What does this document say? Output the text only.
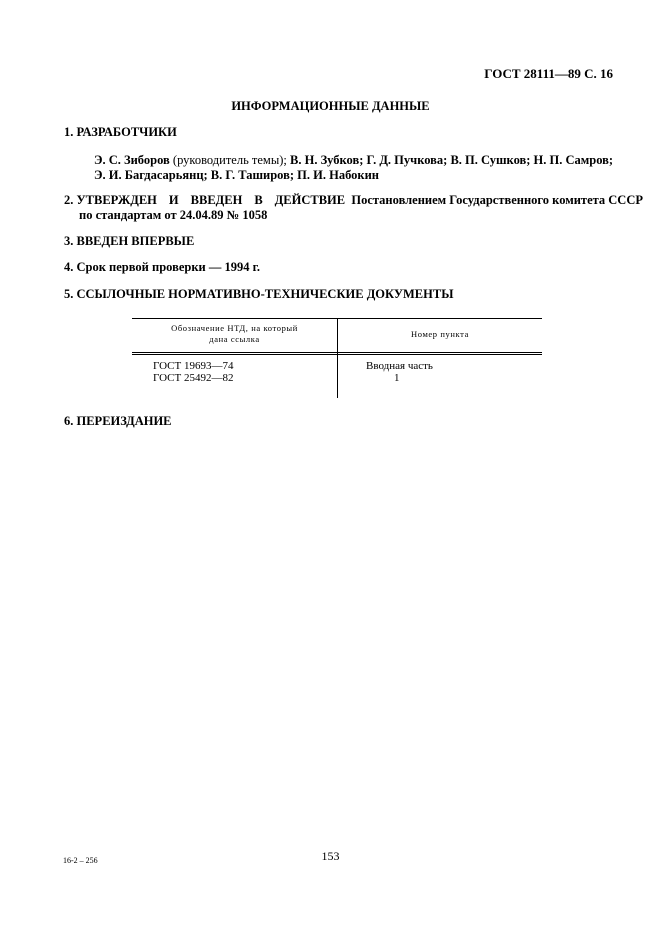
ГОСТ 28111—89 С. 16
ИНФОРМАЦИОННЫЕ ДАННЫЕ
1. РАЗРАБОТЧИКИ
Э. С. Зиборов (руководитель темы); В. Н. Зубков; Г. Д. Пучкова; В. П. Сушков; Н. П. Самров;
Э. И. Багдасарьянц; В. Г. Таширов; П. И. Набокин
2. УТВЕРЖДЕН И ВВЕДЕН В ДЕЙСТВИЕ Постановлением Государственного комитета СССР
по стандартам от 24.04.89 № 1058
3. ВВЕДЕН ВПЕРВЫЕ
4. Срок первой проверки — 1994 г.
5. ССЫЛОЧНЫЕ НОРМАТИВНО-ТЕХНИЧЕСКИЕ ДОКУМЕНТЫ
Обозначение НТД, на который
дана ссылка	Номер пункта
ГОСТ 19693—74	Вводная часть
ГОСТ 25492—82	1
6. ПЕРЕИЗДАНИЕ
16-2 – 256	153
